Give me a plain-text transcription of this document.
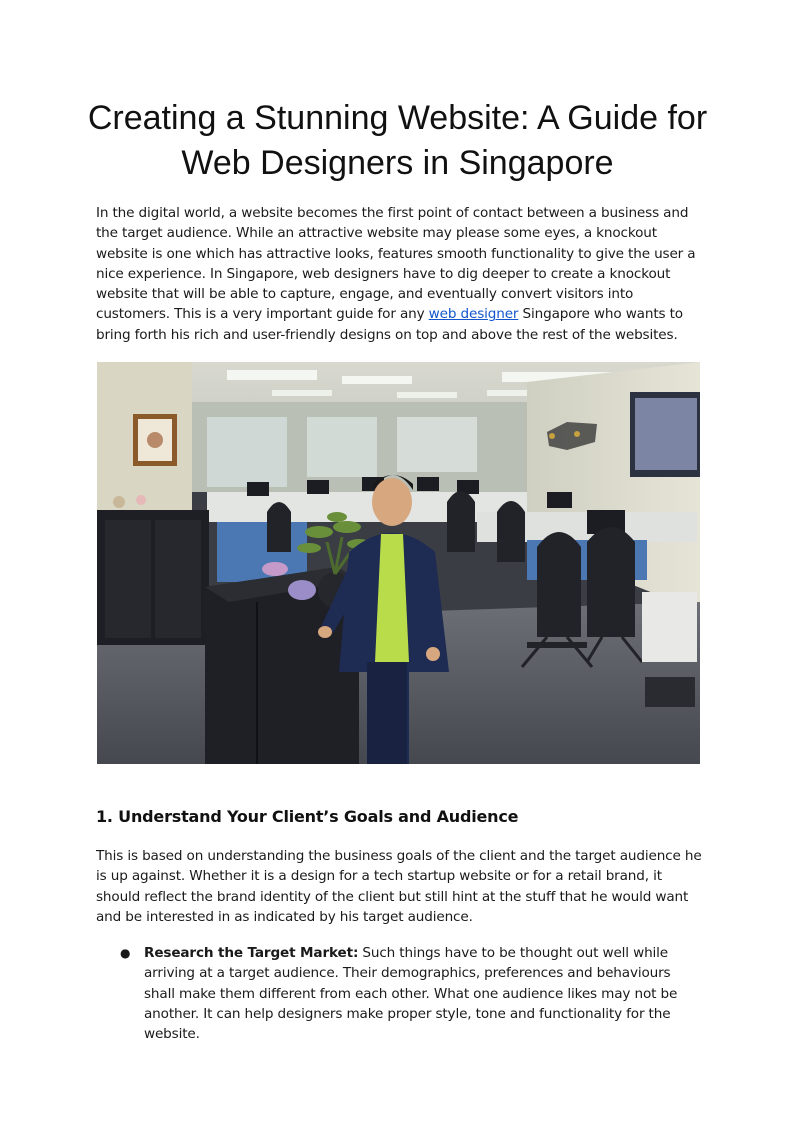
Creating a Stunning Website: A Guide for Web Designers in Singapore

In the digital world, a website becomes the first point of contact between a business and the target audience. While an attractive website may please some eyes, a knockout website is one which has attractive looks, features smooth functionality to give the user a nice experience. In Singapore, web designers have to dig deeper to create a knockout website that will be able to capture, engage, and eventually convert visitors into customers. This is a very important guide for any web designer Singapore who wants to bring forth his rich and user-friendly designs on top and above the rest of the websites.

1. Understand Your Client’s Goals and Audience

This is based on understanding the business goals of the client and the target audience he is up against. Whether it is a design for a tech startup website or for a retail brand, it should reflect the brand identity of the client but still hint at the stuff that he would want and be interested in as indicated by his target audience.

● Research the Target Market: Such things have to be thought out well while arriving at a target audience. Their demographics, preferences and behaviours shall make them different from each other. What one audience likes may not be another. It can help designers make proper style, tone and functionality for the website.
